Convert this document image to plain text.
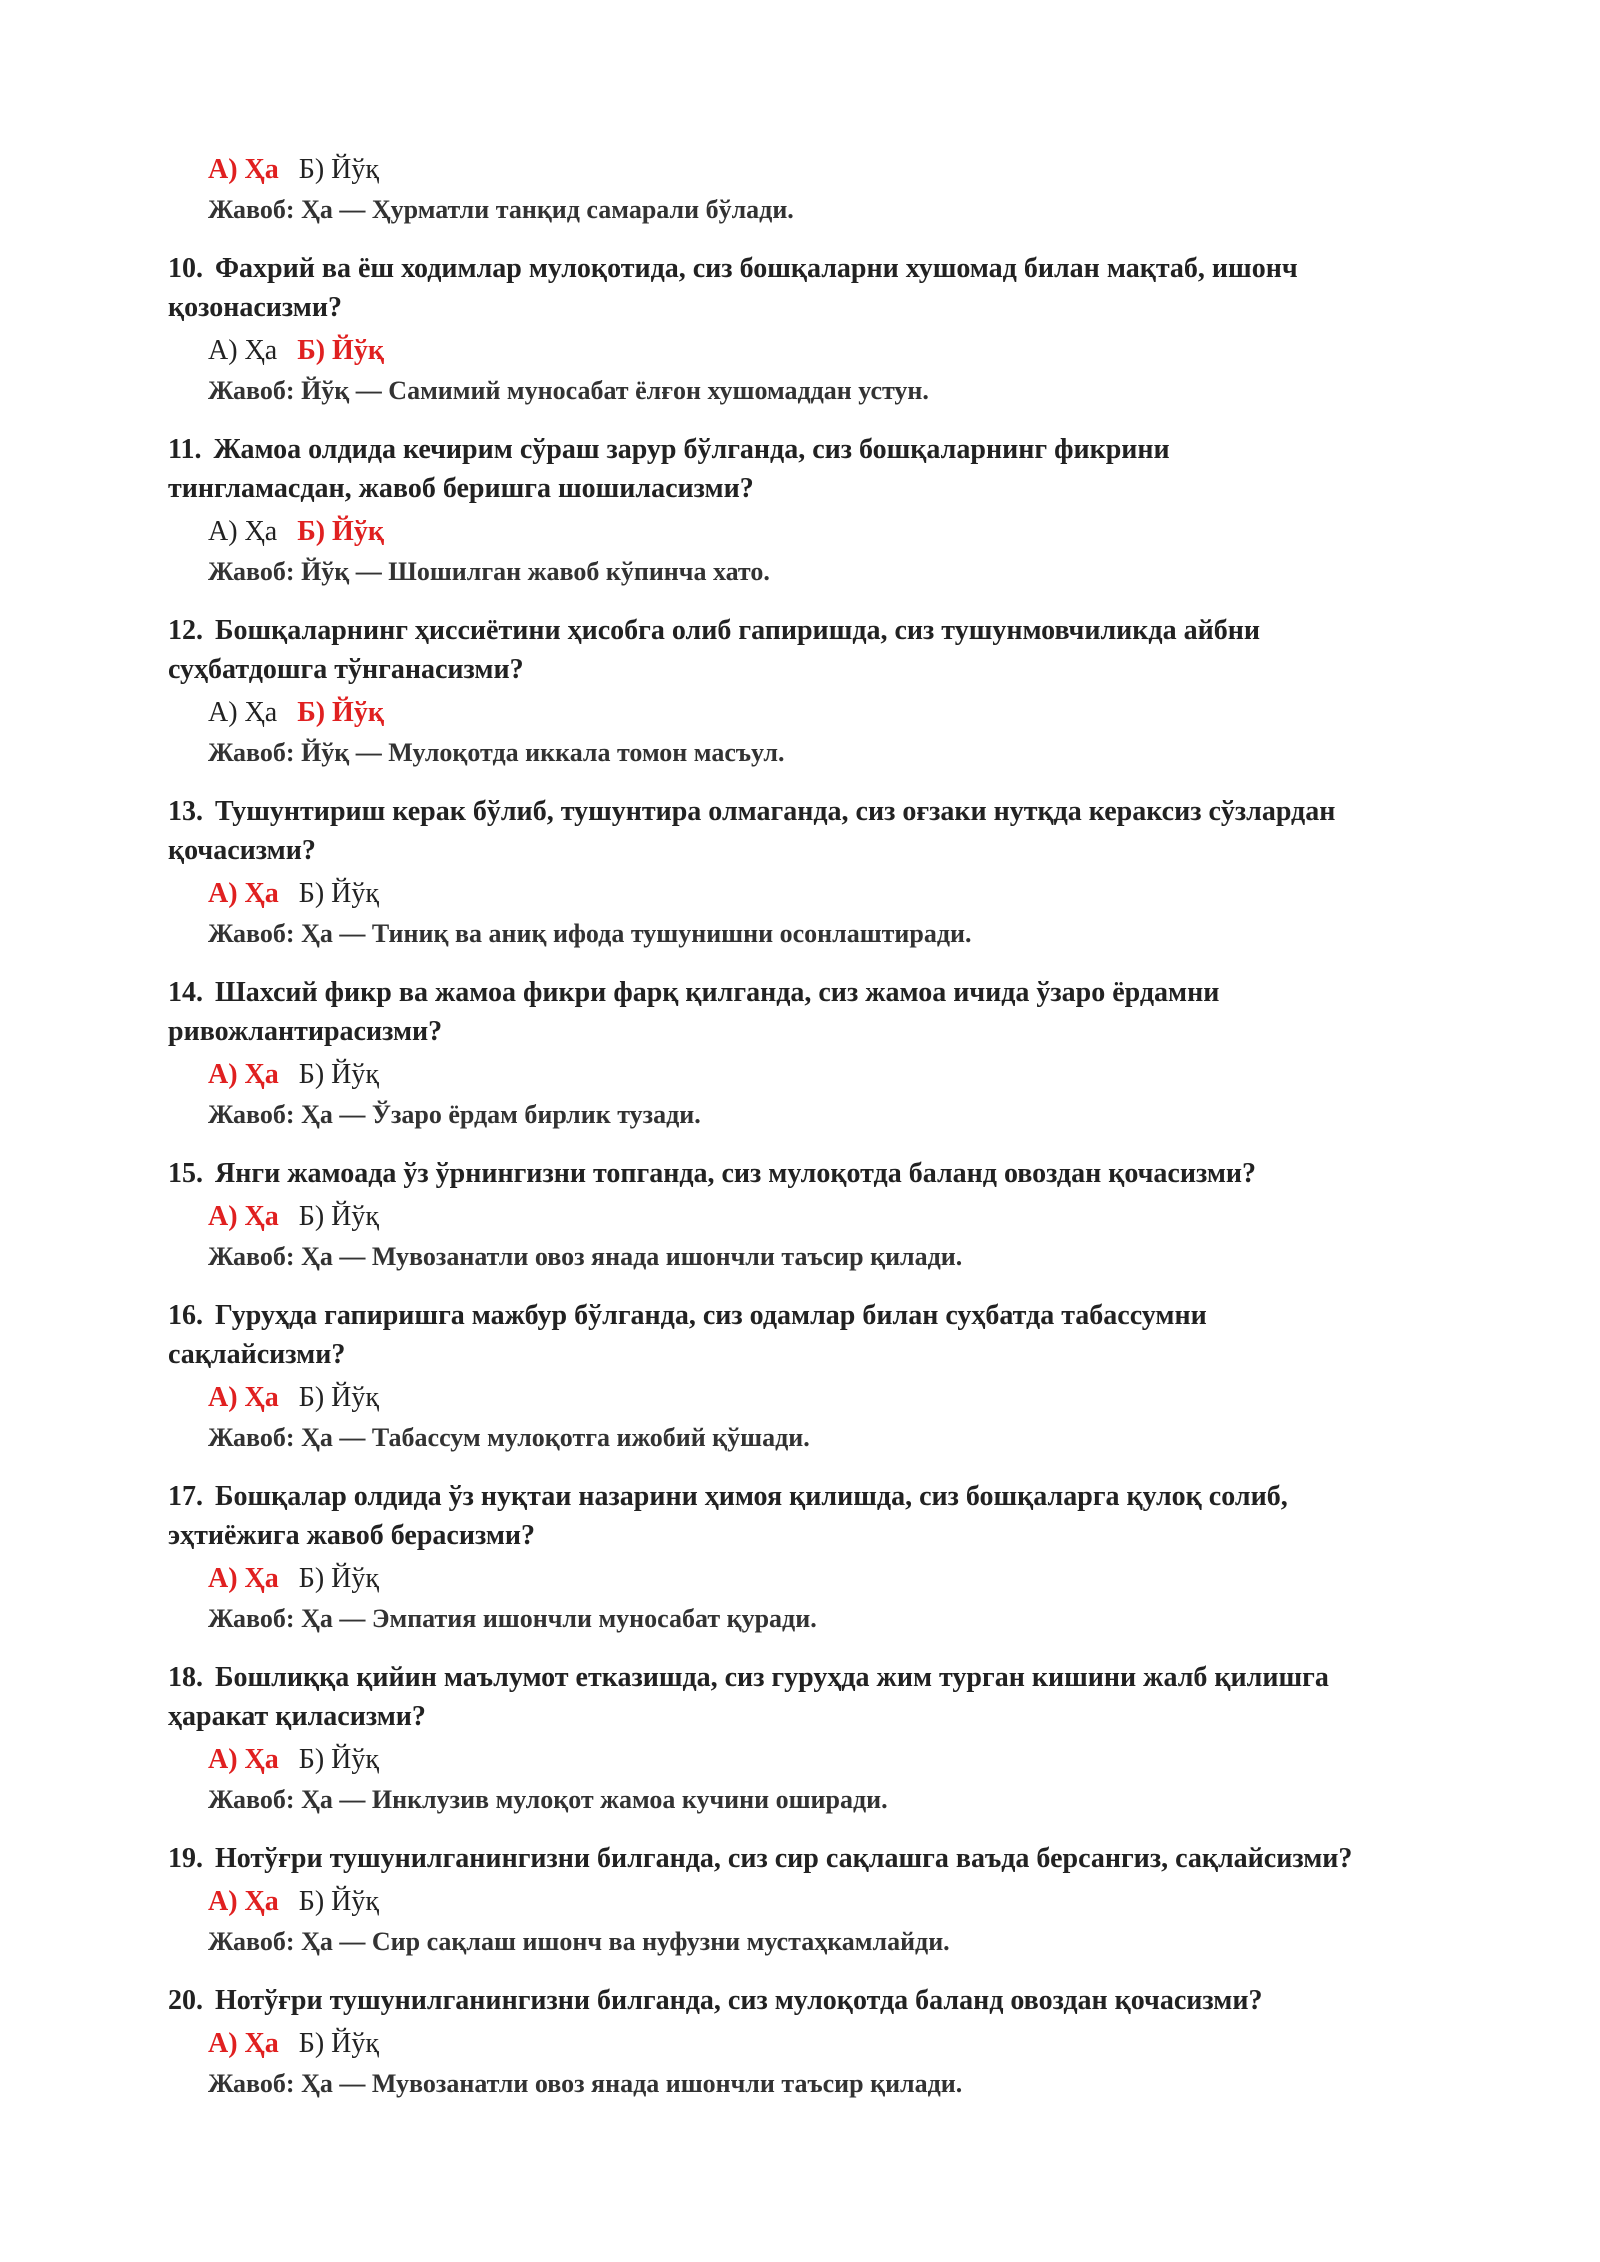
А) Ҳа Б) Йўқ
Жавоб: Ҳа — Ҳурматли танқид самарали бўлади.
10. Фахрий ва ёш ходимлар мулоқотида, сиз бошқаларни хушомад билан мақтаб, ишонч
қозонасизми?
А) Ҳа Б) Йўқ
Жавоб: Йўқ — Самимий муносабат ёлғон хушомаддан устун.
11. Жамоа олдида кечирим сўраш зарур бўлганда, сиз бошқаларнинг фикрини
тингламасдан, жавоб беришга шошиласизми?
А) Ҳа Б) Йўқ
Жавоб: Йўқ — Шошилган жавоб кўпинча хато.
12. Бошқаларнинг ҳиссиётини ҳисобга олиб гапиришда, сиз тушунмовчиликда айбни
суҳбатдошга тўнганасизми?
А) Ҳа Б) Йўқ
Жавоб: Йўқ — Мулоқотда иккала томон масъул.
13. Тушунтириш керак бўлиб, тушунтира олмаганда, сиз оғзаки нутқда кераксиз сўзлардан
қочасизми?
А) Ҳа Б) Йўқ
Жавоб: Ҳа — Тиниқ ва аниқ ифода тушунишни осонлаштиради.
14. Шахсий фикр ва жамоа фикри фарқ қилганда, сиз жамоа ичида ўзаро ёрдамни
ривожлантирасизми?
А) Ҳа Б) Йўқ
Жавоб: Ҳа — Ўзаро ёрдам бирлик тузади.
15. Янги жамоада ўз ўрнингизни топганда, сиз мулоқотда баланд овоздан қочасизми?
А) Ҳа Б) Йўқ
Жавоб: Ҳа — Мувозанатли овоз янада ишончли таъсир қилади.
16. Гуруҳда гапиришга мажбур бўлганда, сиз одамлар билан суҳбатда табассумни
сақлайсизми?
А) Ҳа Б) Йўқ
Жавоб: Ҳа — Табассум мулоқотга ижобий қўшади.
17. Бошқалар олдида ўз нуқтаи назарини ҳимоя қилишда, сиз бошқаларга қулоқ солиб,
эҳтиёжига жавоб берасизми?
А) Ҳа Б) Йўқ
Жавоб: Ҳа — Эмпатия ишончли муносабат қуради.
18. Бошлиққа қийин маълумот етказишда, сиз гуруҳда жим турган кишини жалб қилишга
ҳаракат қиласизми?
А) Ҳа Б) Йўқ
Жавоб: Ҳа — Инклузив мулоқот жамоа кучини оширади.
19. Нотўғри тушунилганингизни билганда, сиз сир сақлашга ваъда берсангиз, сақлайсизми?
А) Ҳа Б) Йўқ
Жавоб: Ҳа — Сир сақлаш ишонч ва нуфузни мустаҳкамлайди.
20. Нотўғри тушунилганингизни билганда, сиз мулоқотда баланд овоздан қочасизми?
А) Ҳа Б) Йўқ
Жавоб: Ҳа — Мувозанатли овоз янада ишончли таъсир қилади.
